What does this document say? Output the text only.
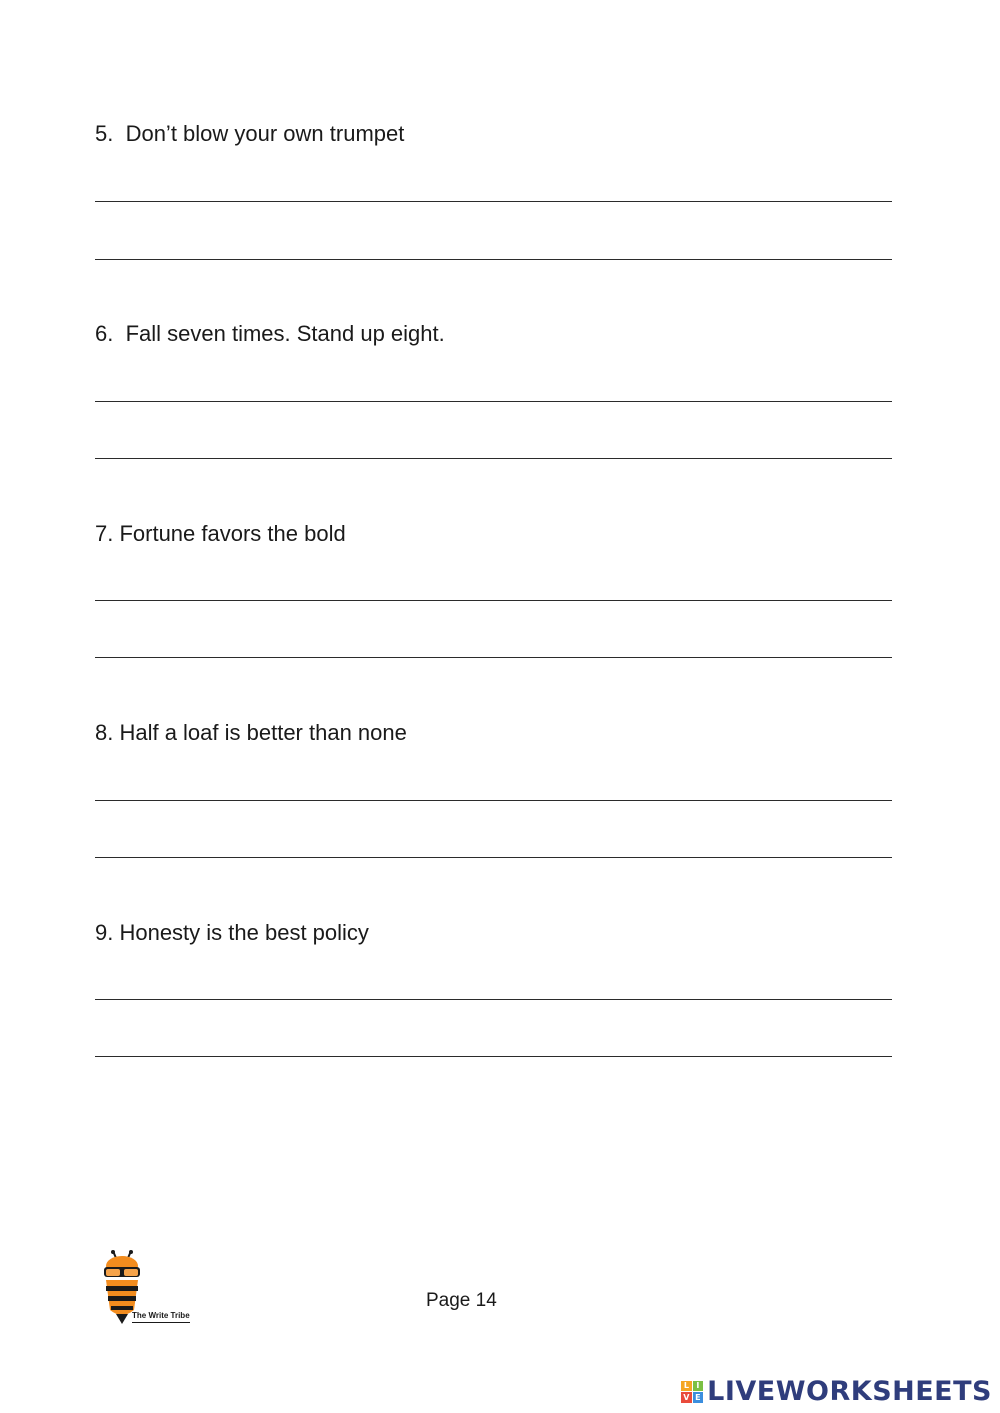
5.  Don’t blow your own trumpet
6.  Fall seven times. Stand up eight.
7. Fortune favors the bold
8. Half a loaf is better than none
9. Honesty is the best policy
The Write Tribe
Page 14
L I
V E LIVEWORKSHEETS
